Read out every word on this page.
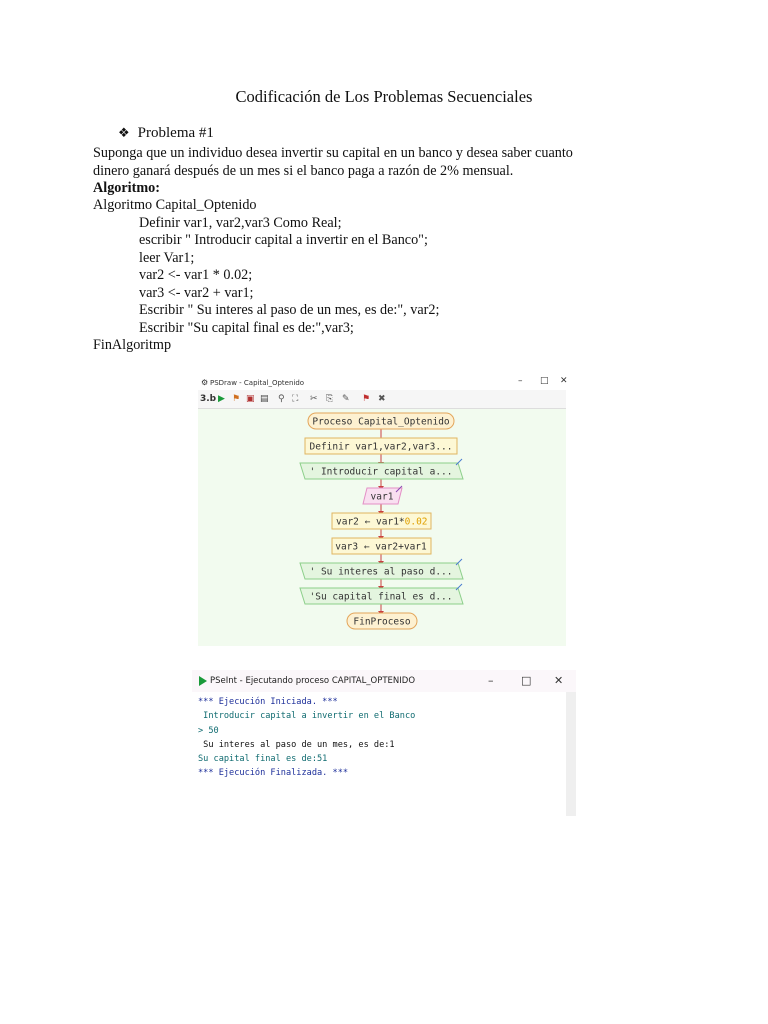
Codificación de Los Problemas Secuenciales
❖ Problema #1
Suponga que un individuo desea invertir su capital en un banco y desea saber cuanto
dinero ganará después de un mes si el banco paga a razón de 2% mensual.
Algoritmo:
Algoritmo Capital_Optenido
Definir var1, var2,var3 Como Real;
escribir " Introducir capital a invertir en el Banco";
leer Var1;
var2 <- var1 * 0.02;
var3 <- var2 + var1;
Escribir " Su interes al paso de un mes, es de:", var2;
Escribir "Su capital final es de:",var3;
FinAlgoritmp
⚙ PSDraw - Capital_Optenido	– □ ✕
3.b ▶ ⚑ ▣ ▤ ⚲ ⛶ ✂ ⎘ ✎ ⚑ ✖
Proceso Capital_Optenido
Definir var1,var2,var3...
' Introducir capital a...
var1
var2 ← var1*0.02
var3 ← var2+var1
' Su interes al paso d...
'Su capital final es d...
FinProceso
PSeInt - Ejecutando proceso CAPITAL_OPTENIDO	–	□ ✕
*** Ejecución Iniciada. ***
Introducir capital a invertir en el Banco
> 50
Su interes al paso de un mes, es de:1
Su capital final es de:51
*** Ejecución Finalizada. ***
